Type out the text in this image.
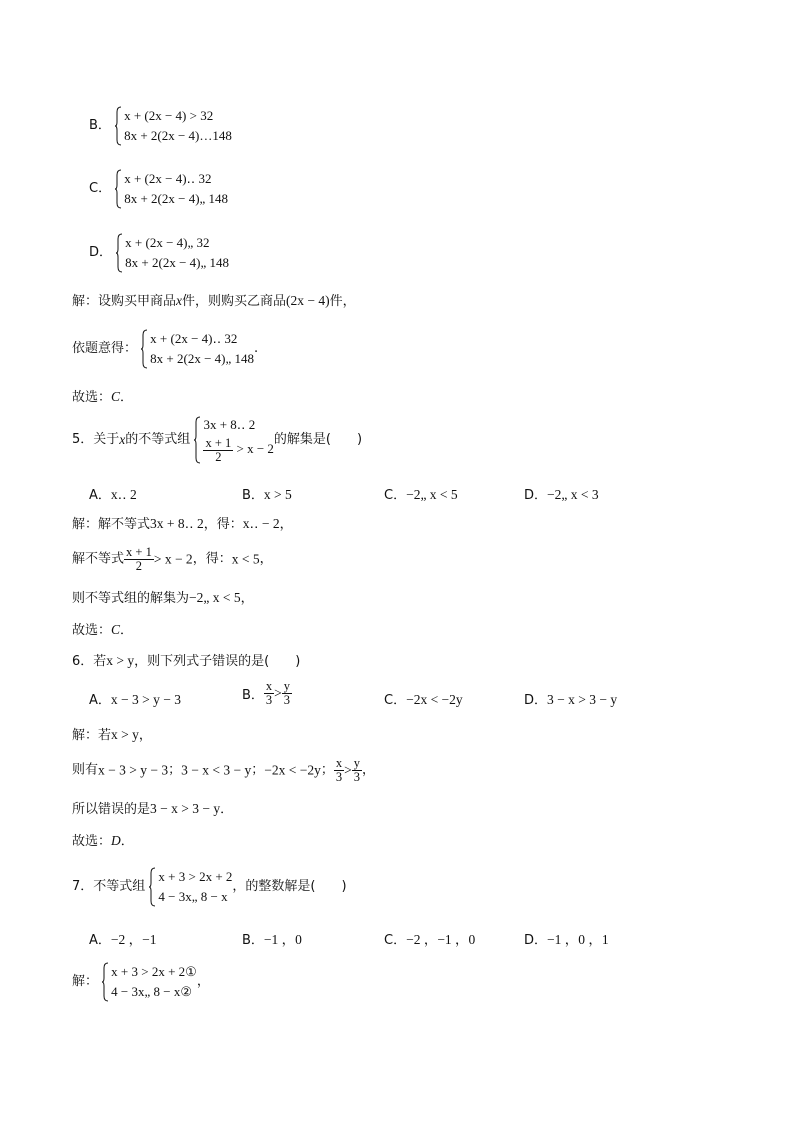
B．
x + (2x − 4) > 32
8x + 2(2x − 4)…148
C．
x + (2x − 4)‥ 32
8x + 2(2x − 4)„ 148
D．
x + (2x − 4)„ 32
8x + 2(2x − 4)„ 148
解：设购买甲商品x件，则购买乙商品(2x − 4)件，
依题意得：
x + (2x − 4)‥ 32
8x + 2(2x − 4)„ 148
.
故选：C．
5．关于x的不等式组
3x + 8‥ 2
$\frac{x + 1}{2} > x - 2$
的解集是(　　)
A．x‥ 2	B．x > 5	C．−2„ x < 5	D．−2„ x < 3
解：解不等式3x + 8‥ 2，得：x‥ − 2，
解不等式 $\frac{x + 1}{2} > x - 2$，得：x < 5，
则不等式组的解集为−2„ x < 5，
故选：C．
6．若x > y，则下列式子错误的是(　　)
A．x − 3 > y − 3	B． $\frac{x}{3} > \frac{y}{3}$	C．−2x < −2y	D．3 − x > 3 − y
解：若x > y，
则有x − 3 > y − 3；3 − x < 3 − y；−2x < −2y； $\frac{x}{3} > \frac{y}{3}$ ，
所以错误的是3 − x > 3 − y．
故选：D．
7．不等式组
x + 3 > 2x + 2
4 − 3x„ 8 − x
，的整数解是(　　)
A．−2 ，−1	B．−1 ，0	C．−2 ，−1 ，0	D．−1 ，0 ，1
解：
x + 3 > 2x + 2①
4 − 3x„ 8 − x②
，
